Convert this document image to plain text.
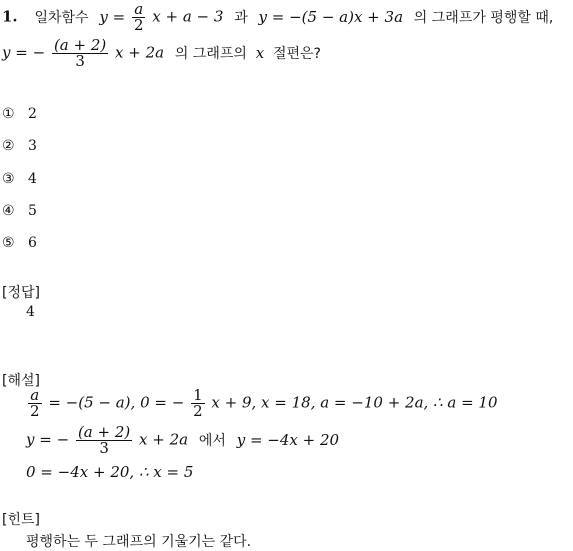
1. 일차함수 $y = \frac{a}{2}$ x + a − 3 과 y = −(5 − a)x + 3a 의 그래프가 평행할 때,
y = − $\frac{(a + 2)}{3}$ x + 2a 의 그래프의 x 절편은?
① 2
② 3
③ 4
④ 5
⑤ 6
[정답]
4
[해설]
$\frac{a}{2} = -(5 - a)$, 0 = − $\frac{1}{2}$ x + 9, x = 18, a = −10 + 2a, ∴ a = 10
y = − $\frac{(a + 2)}{3}$ x + 2a 에서 y = −4x + 20
0 = −4x + 20, ∴ x = 5
[힌트]
평행하는 두 그래프의 기울기는 같다.
